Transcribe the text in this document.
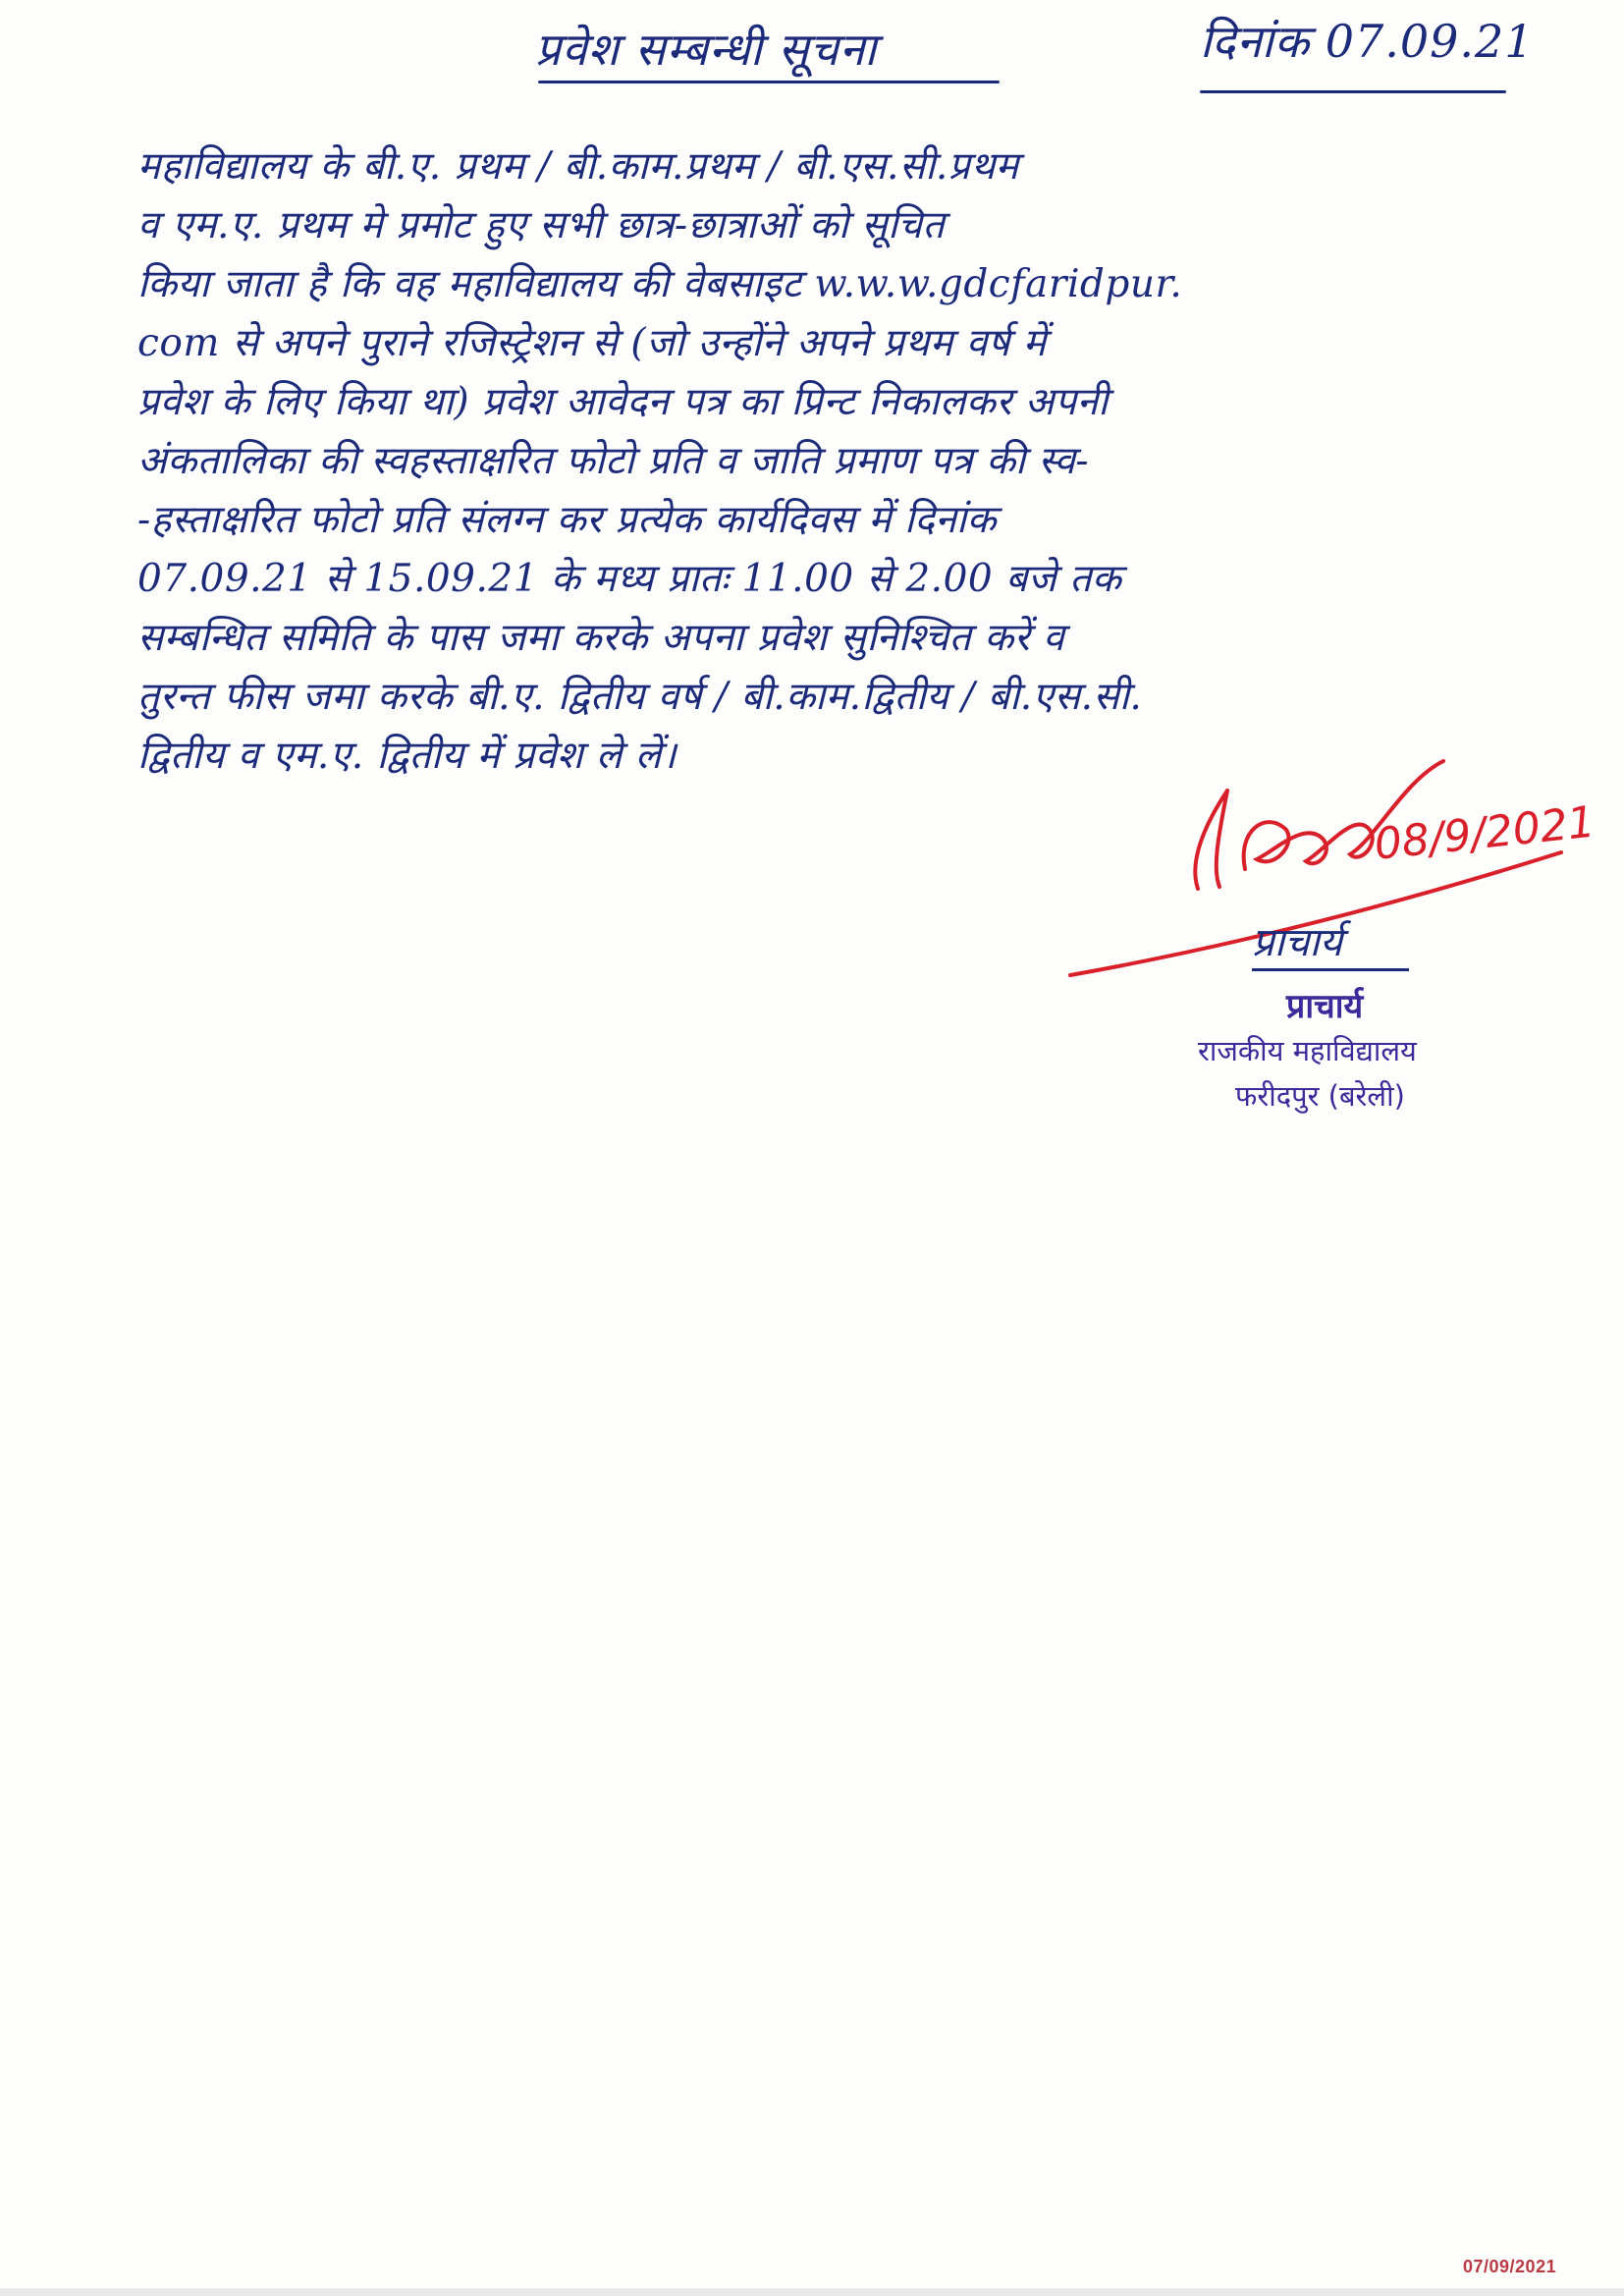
प्रवेश सम्बन्धी सूचना	दिनांक 07.09.21
महाविद्यालय के बी.ए. प्रथम / बी.काम.प्रथम / बी.एस.सी.प्रथम
व एम.ए. प्रथम मे प्रमोट हुए सभी छात्र-छात्राओं को सूचित
किया जाता है कि वह महाविद्यालय की वेबसाइट w.w.w.gdcfaridpur.
com से अपने पुराने रजिस्ट्रेशन से (जो उन्होंने अपने प्रथम वर्ष में
प्रवेश के लिए किया था) प्रवेश आवेदन पत्र का प्रिन्ट निकालकर अपनी
अंकतालिका की स्वहस्ताक्षरित फोटो प्रति व जाति प्रमाण पत्र की स्व-
-हस्ताक्षरित फोटो प्रति संलग्न कर प्रत्येक कार्यदिवस में दिनांक
07.09.21 से 15.09.21 के मध्य प्रातः 11.00 से 2.00 बजे तक
सम्बन्धित समिति के पास जमा करके अपना प्रवेश सुनिश्चित करें व
तुरन्त फीस जमा करके बी.ए. द्वितीय वर्ष / बी.काम.द्वितीय / बी.एस.सी.
द्वितीय व एम.ए. द्वितीय में प्रवेश ले लें।
08/9/2021
प्राचार्य
प्राचार्य
राजकीय महाविद्यालय
फरीदपुर (बरेली)
07/09/2021
